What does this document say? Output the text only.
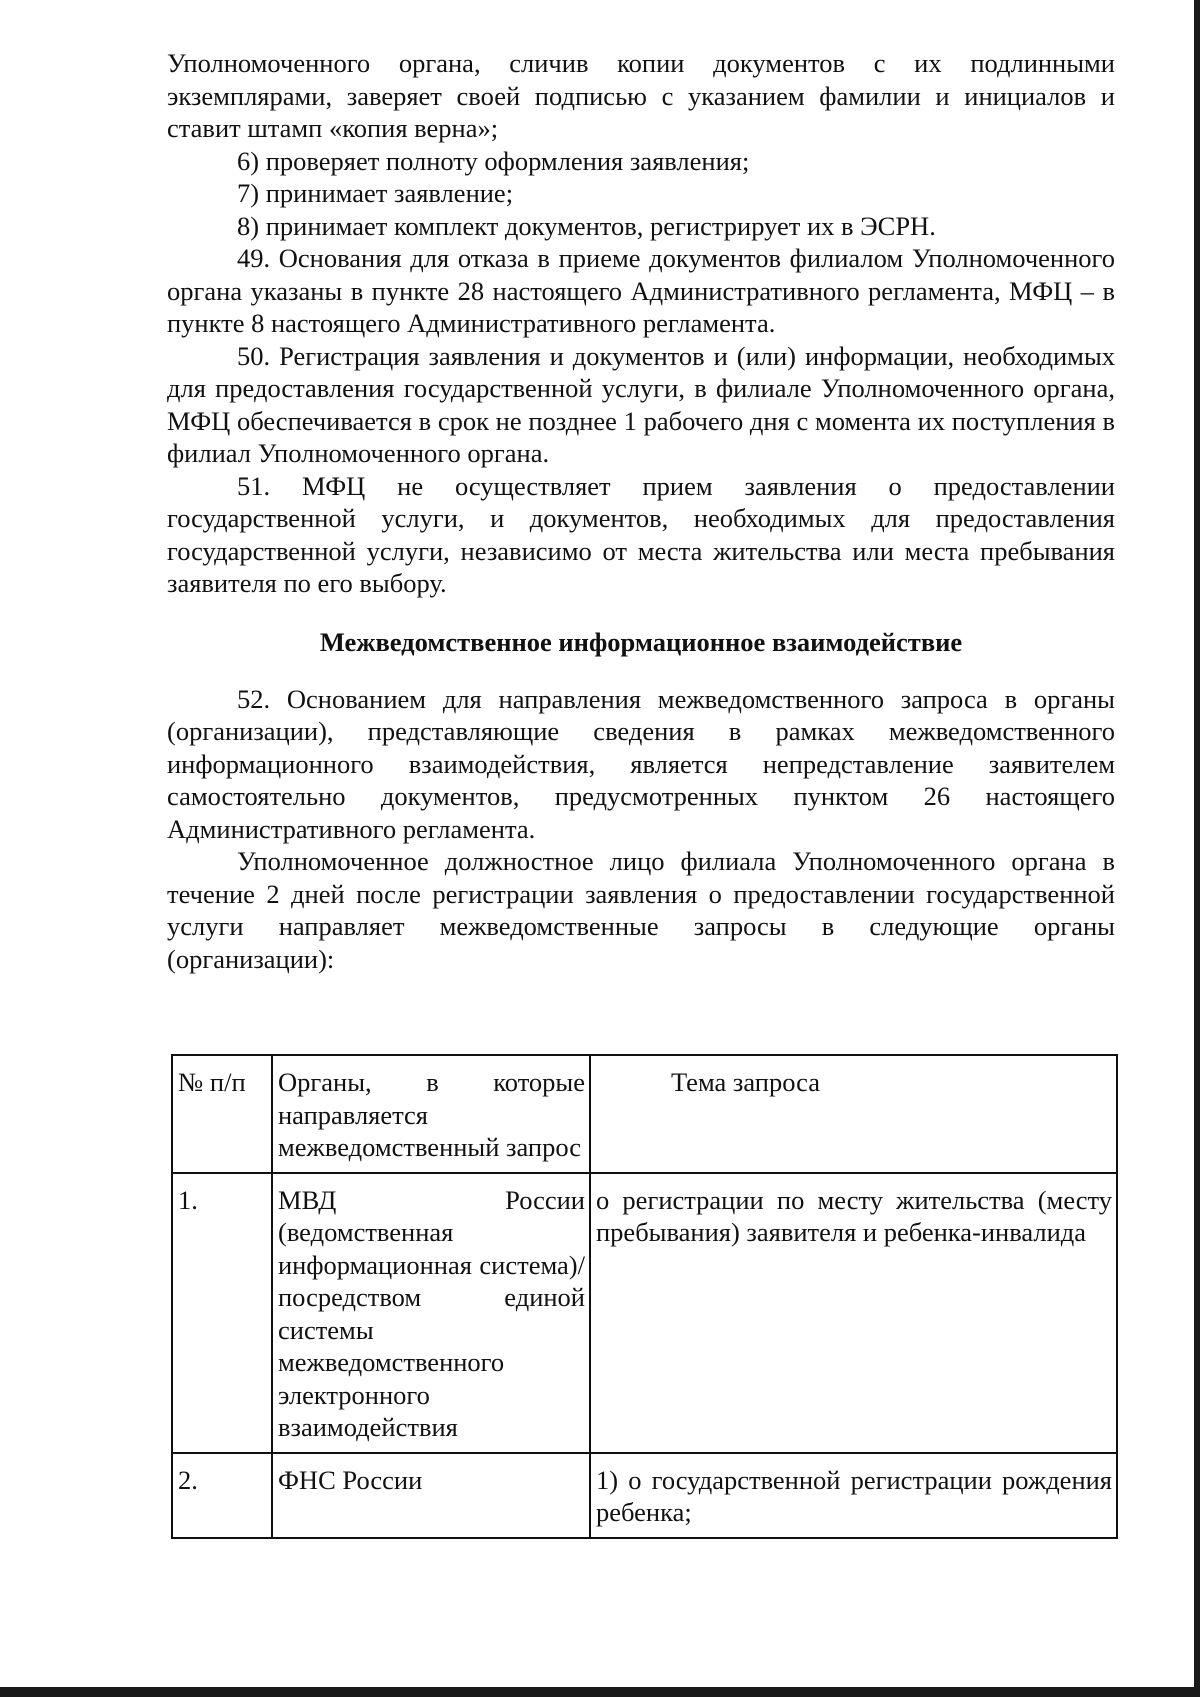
Уполномоченного органа, сличив копии документов с их подлинными экземплярами, заверяет своей подписью с указанием фамилии и инициалов и ставит штамп «копия верна»;

6) проверяет полноту оформления заявления;

7) принимает заявление;

8) принимает комплект документов, регистрирует их в ЭСРН.

49. Основания для отказа в приеме документов филиалом Уполномоченного органа указаны в пункте 28 настоящего Административного регламента, МФЦ – в пункте 8 настоящего Административного регламента.

50. Регистрация заявления и документов и (или) информации, необходимых для предоставления государственной услуги, в филиале Уполномоченного органа, МФЦ обеспечивается в срок не позднее 1 рабочего дня с момента их поступления в филиал Уполномоченного органа.

51. МФЦ не осуществляет прием заявления о предоставлении государственной услуги, и документов, необходимых для предоставления государственной услуги, независимо от места жительства или места пребывания заявителя по его выбору.

Межведомственное информационное взаимодействие

52. Основанием для направления межведомственного запроса в органы (организации), представляющие сведения в рамках межведомственного информационного взаимодействия, является непредставление заявителем самостоятельно документов, предусмотренных пунктом 26 настоящего Административного регламента.

Уполномоченное должностное лицо филиала Уполномоченного органа в течение 2 дней после регистрации заявления о предоставлении государственной услуги направляет межведомственные запросы в следующие органы (организации):

№ п/п	Органы, в которые направляется межведомственный запрос	Тема запроса
1.	МВД России (ведомственная информационная система)/посредством единой системы межведомственного электронного взаимодействия	о регистрации по месту жительства (месту пребывания) заявителя и ребенка-инвалида
2.	ФНС России	1) о государственной регистрации рождения ребенка;
